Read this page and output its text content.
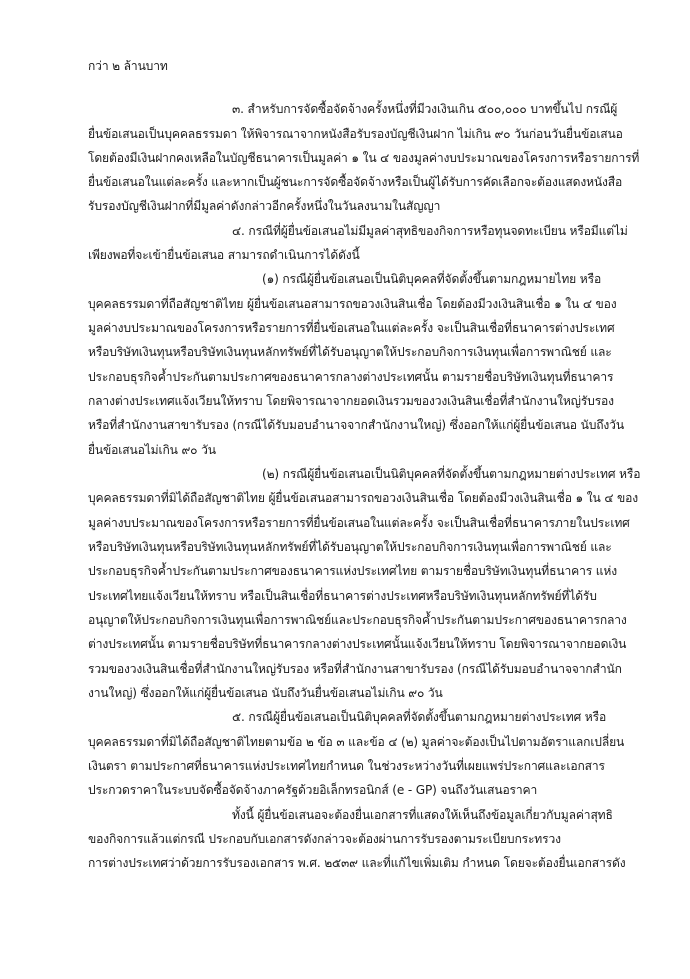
กว่า ๒ ล้านบาท
๓. สำหรับการจัดซื้อจัดจ้างครั้งหนึ่งที่มีวงเงินเกิน ๕๐๐,๐๐๐ บาทขึ้นไป กรณีผู้
ยื่นข้อเสนอเป็นบุคคลธรรมดา ให้พิจารณาจากหนังสือรับรองบัญชีเงินฝาก ไม่เกิน ๙๐ วันก่อนวันยื่นข้อเสนอ
โดยต้องมีเงินฝากคงเหลือในบัญชีธนาคารเป็นมูลค่า ๑ ใน ๔ ของมูลค่างบประมาณของโครงการหรือรายการที่
ยื่นข้อเสนอในแต่ละครั้ง และหากเป็นผู้ชนะการจัดซื้อจัดจ้างหรือเป็นผู้ได้รับการคัดเลือกจะต้องแสดงหนังสือ
รับรองบัญชีเงินฝากที่มีมูลค่าดังกล่าวอีกครั้งหนึ่งในวันลงนามในสัญญา
๔. กรณีที่ผู้ยื่นข้อเสนอไม่มีมูลค่าสุทธิของกิจการหรือทุนจดทะเบียน หรือมีแต่ไม่
เพียงพอที่จะเข้ายื่นข้อเสนอ สามารถดำเนินการได้ดังนี้
(๑) กรณีผู้ยื่นข้อเสนอเป็นนิติบุคคลที่จัดตั้งขึ้นตามกฎหมายไทย หรือ
บุคคลธรรมดาที่ถือสัญชาติไทย ผู้ยื่นข้อเสนอสามารถขอวงเงินสินเชื่อ โดยต้องมีวงเงินสินเชื่อ ๑ ใน ๔ ของ
มูลค่างบประมาณของโครงการหรือรายการที่ยื่นข้อเสนอในแต่ละครั้ง จะเป็นสินเชื่อที่ธนาคารต่างประเทศ
หรือบริษัทเงินทุนหรือบริษัทเงินทุนหลักทรัพย์ที่ได้รับอนุญาตให้ประกอบกิจการเงินทุนเพื่อการพาณิชย์ และ
ประกอบธุรกิจค้ำประกันตามประกาศของธนาคารกลางต่างประเทศนั้น ตามรายชื่อบริษัทเงินทุนที่ธนาคาร
กลางต่างประเทศแจ้งเวียนให้ทราบ โดยพิจารณาจากยอดเงินรวมของวงเงินสินเชื่อที่สำนักงานใหญ่รับรอง
หรือที่สำนักงานสาขารับรอง (กรณีได้รับมอบอำนาจจากสำนักงานใหญ่) ซึ่งออกให้แก่ผู้ยื่นข้อเสนอ นับถึงวัน
ยื่นข้อเสนอไม่เกิน ๙๐ วัน
(๒) กรณีผู้ยื่นข้อเสนอเป็นนิติบุคคลที่จัดตั้งขึ้นตามกฎหมายต่างประเทศ หรือ
บุคคลธรรมดาที่มิได้ถือสัญชาติไทย ผู้ยื่นข้อเสนอสามารถขอวงเงินสินเชื่อ โดยต้องมีวงเงินสินเชื่อ ๑ ใน ๔ ของ
มูลค่างบประมาณของโครงการหรือรายการที่ยื่นข้อเสนอในแต่ละครั้ง จะเป็นสินเชื่อที่ธนาคารภายในประเทศ
หรือบริษัทเงินทุนหรือบริษัทเงินทุนหลักทรัพย์ที่ได้รับอนุญาตให้ประกอบกิจการเงินทุนเพื่อการพาณิชย์ และ
ประกอบธุรกิจค้ำประกันตามประกาศของธนาคารแห่งประเทศไทย ตามรายชื่อบริษัทเงินทุนที่ธนาคาร แห่ง
ประเทศไทยแจ้งเวียนให้ทราบ หรือเป็นสินเชื่อที่ธนาคารต่างประเทศหรือบริษัทเงินทุนหลักทรัพย์ที่ได้รับ
อนุญาตให้ประกอบกิจการเงินทุนเพื่อการพาณิชย์และประกอบธุรกิจค้ำประกันตามประกาศของธนาคารกลาง
ต่างประเทศนั้น ตามรายชื่อบริษัทที่ธนาคารกลางต่างประเทศนั้นแจ้งเวียนให้ทราบ โดยพิจารณาจากยอดเงิน
รวมของวงเงินสินเชื่อที่สำนักงานใหญ่รับรอง หรือที่สำนักงานสาขารับรอง (กรณีได้รับมอบอำนาจจากสำนัก
งานใหญ่) ซึ่งออกให้แก่ผู้ยื่นข้อเสนอ นับถึงวันยื่นข้อเสนอไม่เกิน ๙๐ วัน
๕. กรณีผู้ยื่นข้อเสนอเป็นนิติบุคคลที่จัดตั้งขึ้นตามกฎหมายต่างประเทศ หรือ
บุคคลธรรมดาที่มิได้ถือสัญชาติไทยตามข้อ ๒ ข้อ ๓ และข้อ ๔ (๒) มูลค่าจะต้องเป็นไปตามอัตราแลกเปลี่ยน
เงินตรา ตามประกาศที่ธนาคารแห่งประเทศไทยกำหนด ในช่วงระหว่างวันที่เผยแพร่ประกาศและเอกสาร
ประกวดราคาในระบบจัดซื้อจัดจ้างภาครัฐด้วยอิเล็กทรอนิกส์ (e - GP) จนถึงวันเสนอราคา
ทั้งนี้ ผู้ยื่นข้อเสนอจะต้องยื่นเอกสารที่แสดงให้เห็นถึงข้อมูลเกี่ยวกับมูลค่าสุทธิ
ของกิจการแล้วแต่กรณี ประกอบกับเอกสารดังกล่าวจะต้องผ่านการรับรองตามระเบียบกระทรวง
การต่างประเทศว่าด้วยการรับรองเอกสาร พ.ศ. ๒๕๓๙ และที่แก้ไขเพิ่มเติม กำหนด โดยจะต้องยื่นเอกสารดัง
